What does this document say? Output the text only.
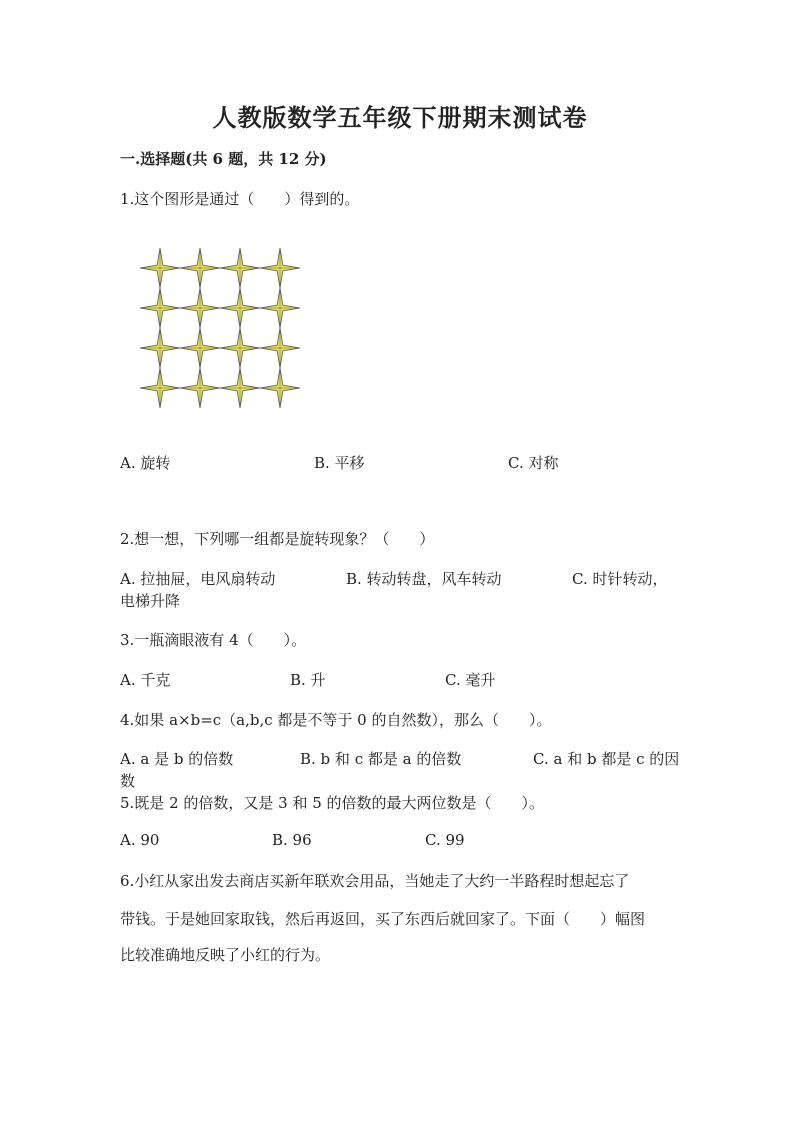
人教版数学五年级下册期末测试卷
一.选择题(共 6 题，共 12 分)
1.这个图形是通过（　　）得到的。
A. 旋转	B. 平移	C. 对称
2.想一想，下列哪一组都是旋转现象？（　　）
A. 拉抽屉，电风扇转动	B. 转动转盘，风车转动	C. 时针转动，
电梯升降
3.一瓶滴眼液有 4（　　）。
A. 千克	B. 升	C. 毫升
4.如果 a×b=c（a,b,c 都是不等于 0 的自然数），那么（　　）。
A. a 是 b 的倍数	B. b 和 c 都是 a 的倍数	C. a 和 b 都是 c 的因
数
5.既是 2 的倍数，又是 3 和 5 的倍数的最大两位数是（　　）。
A. 90	B. 96	C. 99
6.小红从家出发去商店买新年联欢会用品，当她走了大约一半路程时想起忘了
带钱。于是她回家取钱，然后再返回，买了东西后就回家了。下面（　　）幅图
比较准确地反映了小红的行为。
